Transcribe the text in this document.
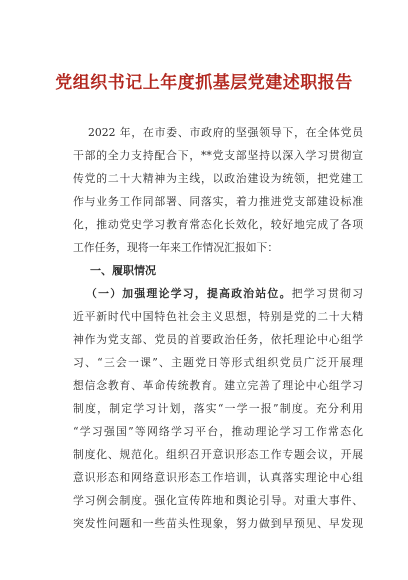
党组织书记上年度抓基层党建述职报告
2022 年，在市委、市政府的坚强领导下，在全体党员
干部的全力支持配合下，**党支部坚持以深入学习贯彻宣
传党的二十大精神为主线，以政治建设为统领，把党建工
作与业务工作同部署、同落实，着力推进党支部建设标准
化，推动党史学习教育常态化长效化，较好地完成了各项
工作任务，现将一年来工作情况汇报如下：
一、履职情况
（一）加强理论学习，提高政治站位。把学习贯彻习
近平新时代中国特色社会主义思想，特别是党的二十大精
神作为党支部、党员的首要政治任务，依托理论中心组学
习、“三会一课”、主题党日等形式组织党员广泛开展理
想信念教育、革命传统教育。建立完善了理论中心组学习
制度，制定学习计划，落实“一学一报”制度。充分利用
“学习强国”等网络学习平台，推动理论学习工作常态化
制度化、规范化。组织召开意识形态工作专题会议，开展
意识形态和网络意识形态工作培训，认真落实理论中心组
学习例会制度。强化宣传阵地和舆论引导。对重大事件、
突发性问题和一些苗头性现象，努力做到早预见、早发现
